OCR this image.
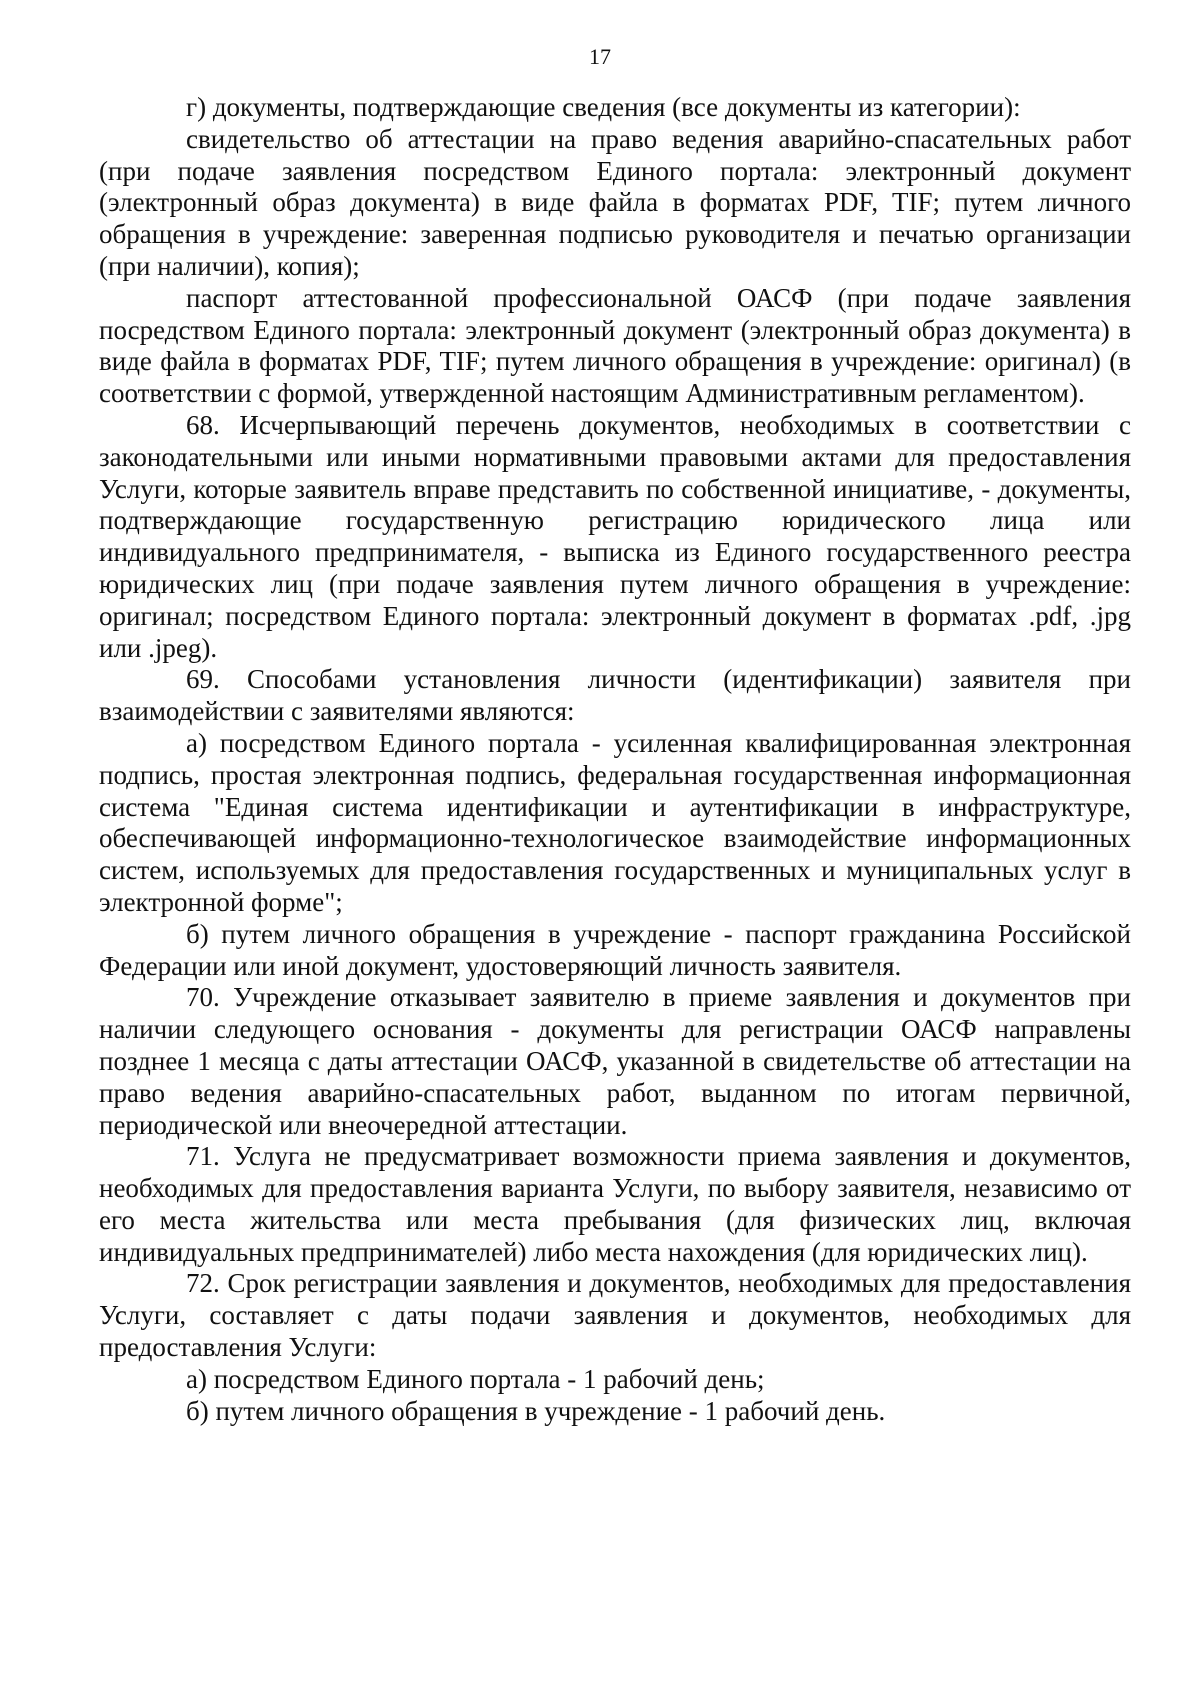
17

г) документы, подтверждающие сведения (все документы из категории):

свидетельство об аттестации на право ведения аварийно-спасательных работ (при подаче заявления посредством Единого портала: электронный документ (электронный образ документа) в виде файла в форматах PDF, TIF; путем личного обращения в учреждение: заверенная подписью руководителя и печатью организации (при наличии), копия);

паспорт аттестованной профессиональной ОАСФ (при подаче заявления посредством Единого портала: электронный документ (электронный образ документа) в виде файла в форматах PDF, TIF; путем личного обращения в учреждение: оригинал) (в соответствии с формой, утвержденной настоящим Административным регламентом).

68. Исчерпывающий перечень документов, необходимых в соответствии с законодательными или иными нормативными правовыми актами для предоставления Услуги, которые заявитель вправе представить по собственной инициативе, - документы, подтверждающие государственную регистрацию юридического лица или индивидуального предпринимателя, - выписка из Единого государственного реестра юридических лиц (при подаче заявления путем личного обращения в учреждение: оригинал; посредством Единого портала: электронный документ в форматах .pdf, .jpg или .jpeg).

69. Способами установления личности (идентификации) заявителя при взаимодействии с заявителями являются:

а) посредством Единого портала - усиленная квалифицированная электронная подпись, простая электронная подпись, федеральная государственная информационная система "Единая система идентификации и аутентификации в инфраструктуре, обеспечивающей информационно-технологическое взаимодействие информационных систем, используемых для предоставления государственных и муниципальных услуг в электронной форме";

б) путем личного обращения в учреждение - паспорт гражданина Российской Федерации или иной документ, удостоверяющий личность заявителя.

70. Учреждение отказывает заявителю в приеме заявления и документов при наличии следующего основания - документы для регистрации ОАСФ направлены позднее 1 месяца с даты аттестации ОАСФ, указанной в свидетельстве об аттестации на право ведения аварийно-спасательных работ, выданном по итогам первичной, периодической или внеочередной аттестации.

71. Услуга не предусматривает возможности приема заявления и документов, необходимых для предоставления варианта Услуги, по выбору заявителя, независимо от его места жительства или места пребывания (для физических лиц, включая индивидуальных предпринимателей) либо места нахождения (для юридических лиц).

72. Срок регистрации заявления и документов, необходимых для предоставления Услуги, составляет с даты подачи заявления и документов, необходимых для предоставления Услуги:

а) посредством Единого портала - 1 рабочий день;

б) путем личного обращения в учреждение - 1 рабочий день.
